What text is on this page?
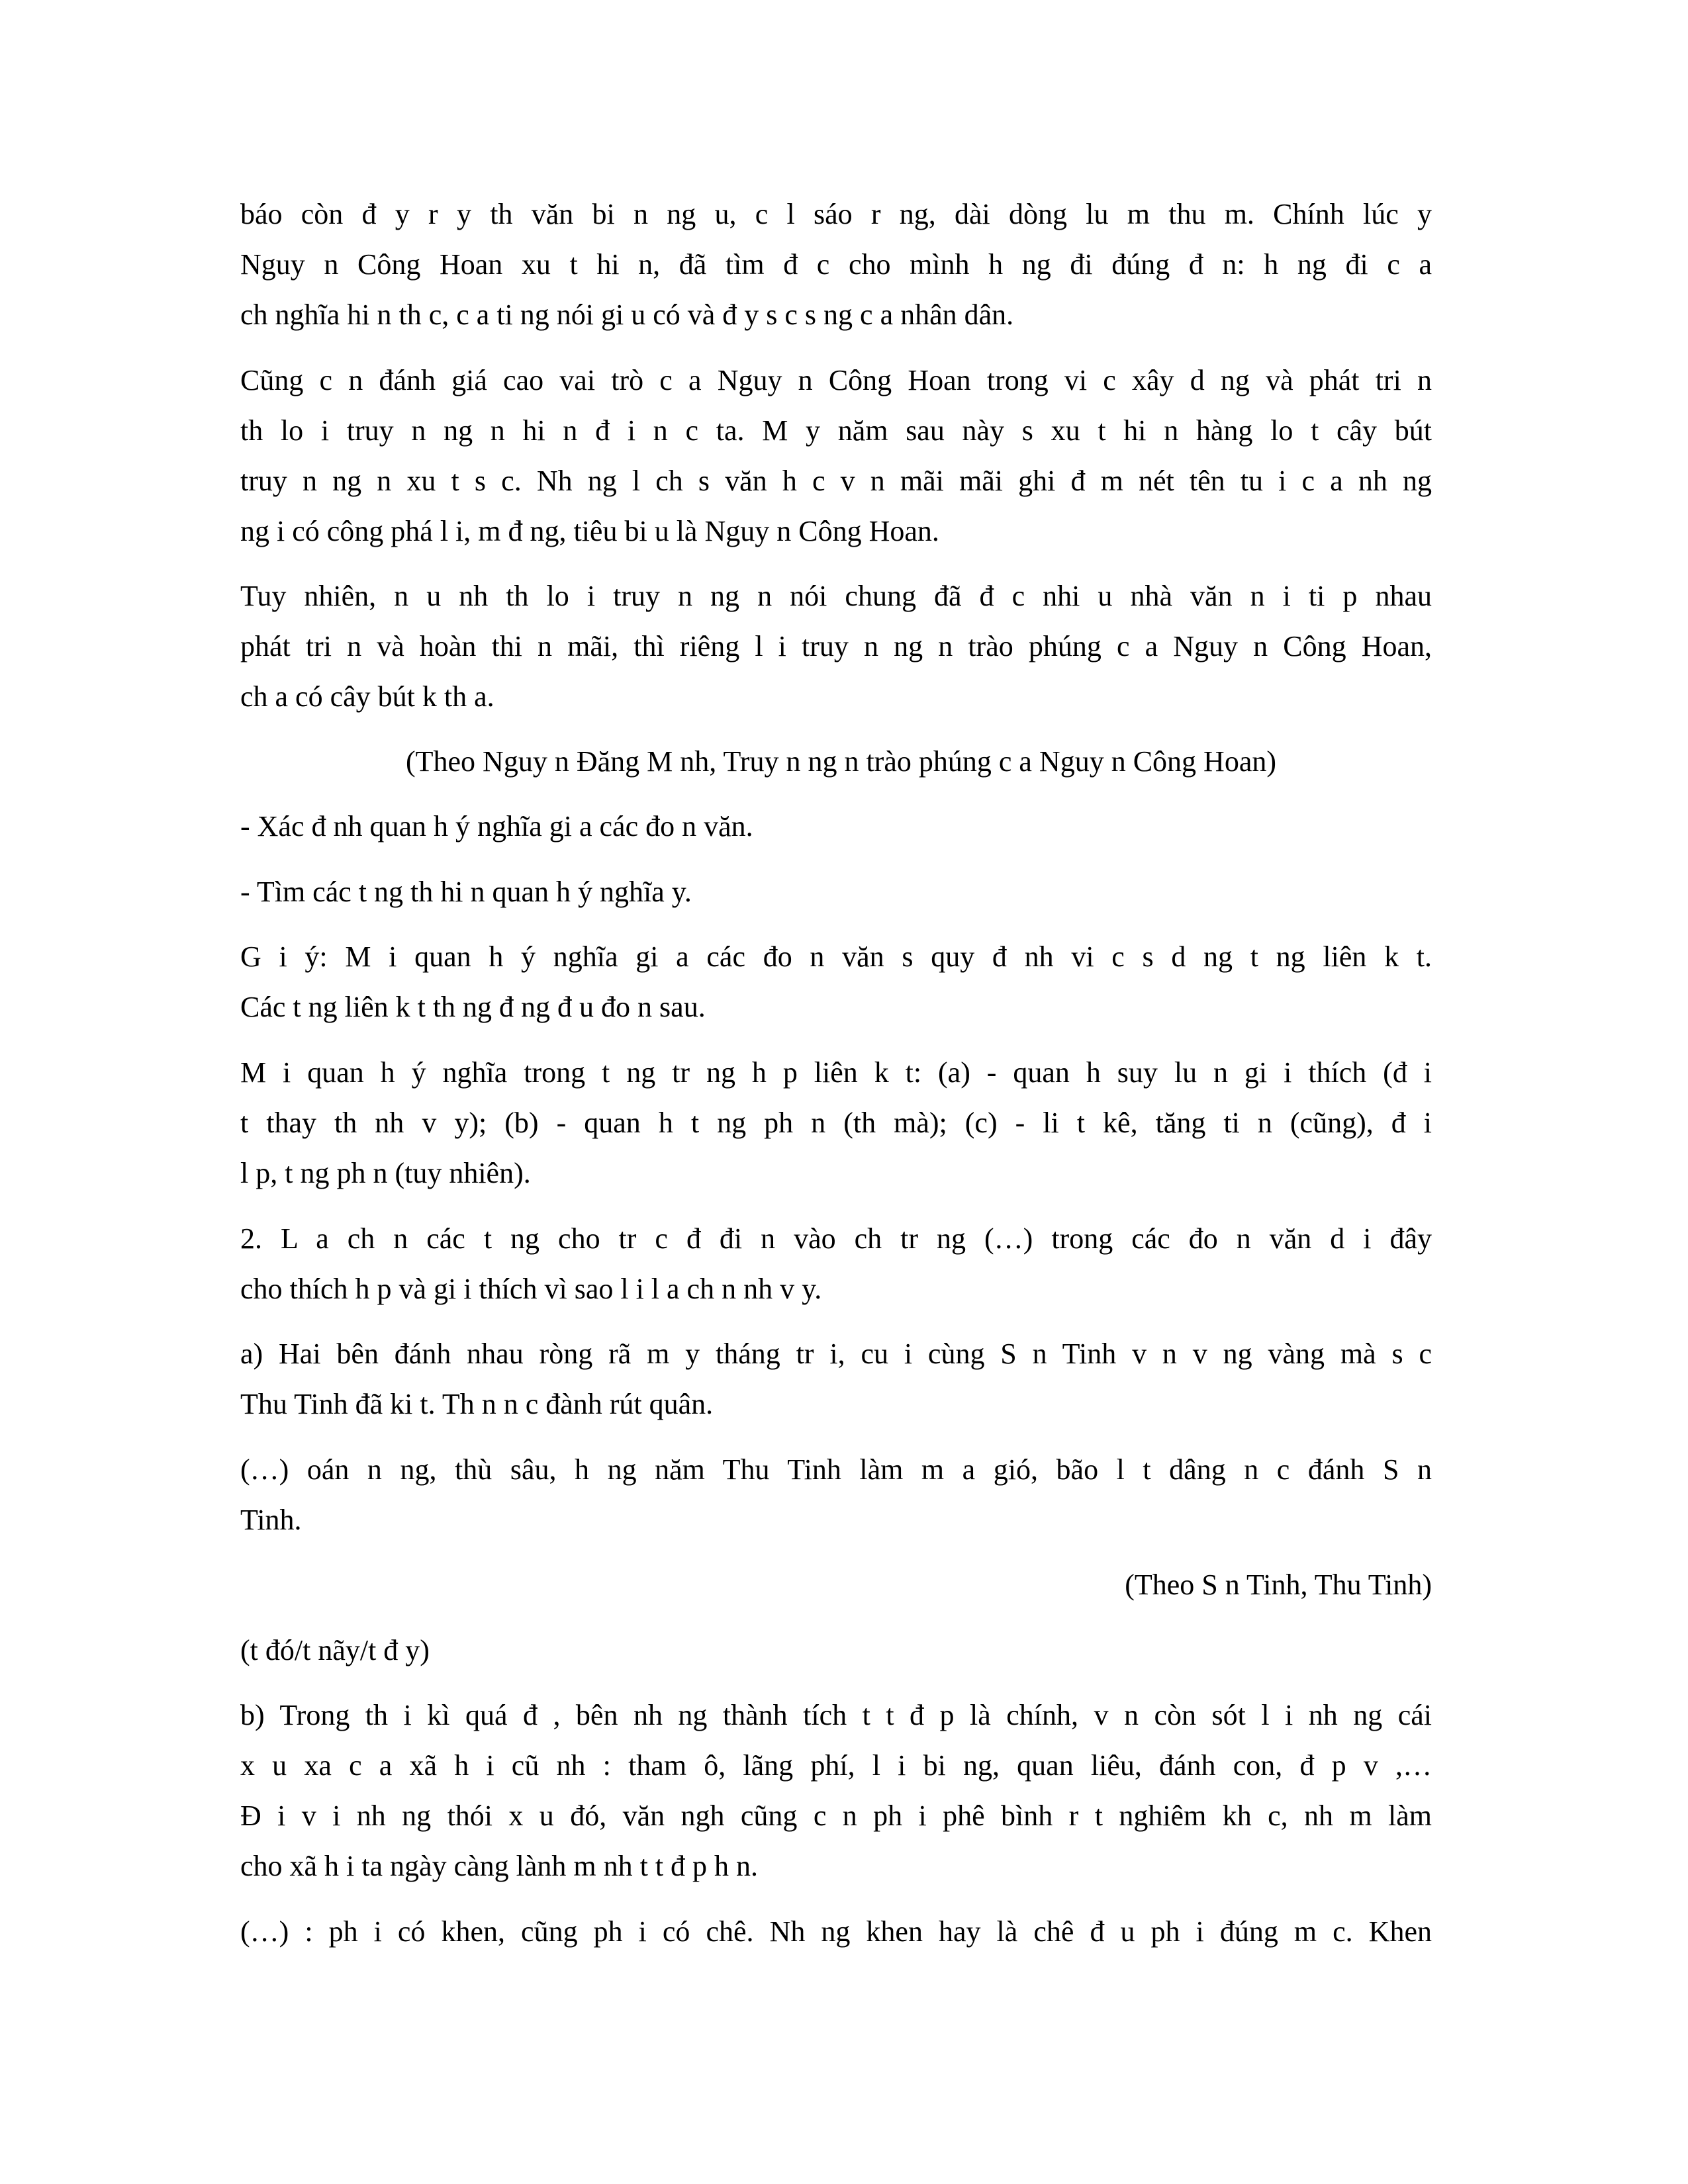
báo còn đ y r y th văn bi n ng u, c l sáo r ng, dài dòng lu m thu m. Chính lúc y
Nguy n Công Hoan xu t hi n, đã tìm đ c cho mình h ng đi đúng đ n: h ng đi c a
ch nghĩa hi n th c, c a ti ng nói gi u có và đ y s c s ng c a nhân dân.
Cũng c n đánh giá cao vai trò c a Nguy n Công Hoan trong vi c xây d ng và phát tri n
th lo i truy n ng n hi n đ i n c ta. M y năm sau này s xu t hi n hàng lo t cây bút
truy n ng n xu t s c. Nh ng l ch s văn h c v n mãi mãi ghi đ m nét tên tu i c a nh ng
ng i có công phá l i, m đ ng, tiêu bi u là Nguy n Công Hoan.
Tuy nhiên, n u nh th lo i truy n ng n nói chung đã đ c nhi u nhà văn n i ti p nhau
phát tri n và hoàn thi n mãi, thì riêng l i truy n ng n trào phúng c a Nguy n Công Hoan,
ch a có cây bút k th a.
(Theo Nguy n Đăng M nh, Truy n ng n trào phúng c a Nguy n Công Hoan)
- Xác đ nh quan h ý nghĩa gi a các đo n văn.
- Tìm các t ng th hi n quan h ý nghĩa y.
G i ý: M i quan h ý nghĩa gi a các đo n văn s quy đ nh vi c s d ng t ng liên k t.
Các t ng liên k t th ng đ ng đ u đo n sau.
M i quan h ý nghĩa trong t ng tr ng h p liên k t: (a) - quan h suy lu n gi i thích (đ i
t thay th nh v y); (b) - quan h t ng ph n (th mà); (c) - li t kê, tăng ti n (cũng), đ i
l p, t ng ph n (tuy nhiên).
2. L a ch n các t ng cho tr c đ đi n vào ch tr ng (…) trong các đo n văn d i đây
cho thích h p và gi i thích vì sao l i l a ch n nh v y.
a) Hai bên đánh nhau ròng rã m y tháng tr i, cu i cùng S n Tinh v n v ng vàng mà s c
Thu Tinh đã ki t. Th n n c đành rút quân.
(…) oán n ng, thù sâu, h ng năm Thu Tinh làm m a gió, bão l t dâng n c đánh S n
Tinh.
(Theo S n Tinh, Thu Tinh)
(t đó/t nãy/t đ y)
b) Trong th i kì quá đ , bên nh ng thành tích t t đ p là chính, v n còn sót l i nh ng cái
x u xa c a xã h i cũ nh : tham ô, lãng phí, l i bi ng, quan liêu, đánh con, đ p v ,…
Đ i v i nh ng thói x u đó, văn ngh cũng c n ph i phê bình r t nghiêm kh c, nh m làm
cho xã h i ta ngày càng lành m nh t t đ p h n.
(…) : ph i có khen, cũng ph i có chê. Nh ng khen hay là chê đ u ph i đúng m c. Khen
